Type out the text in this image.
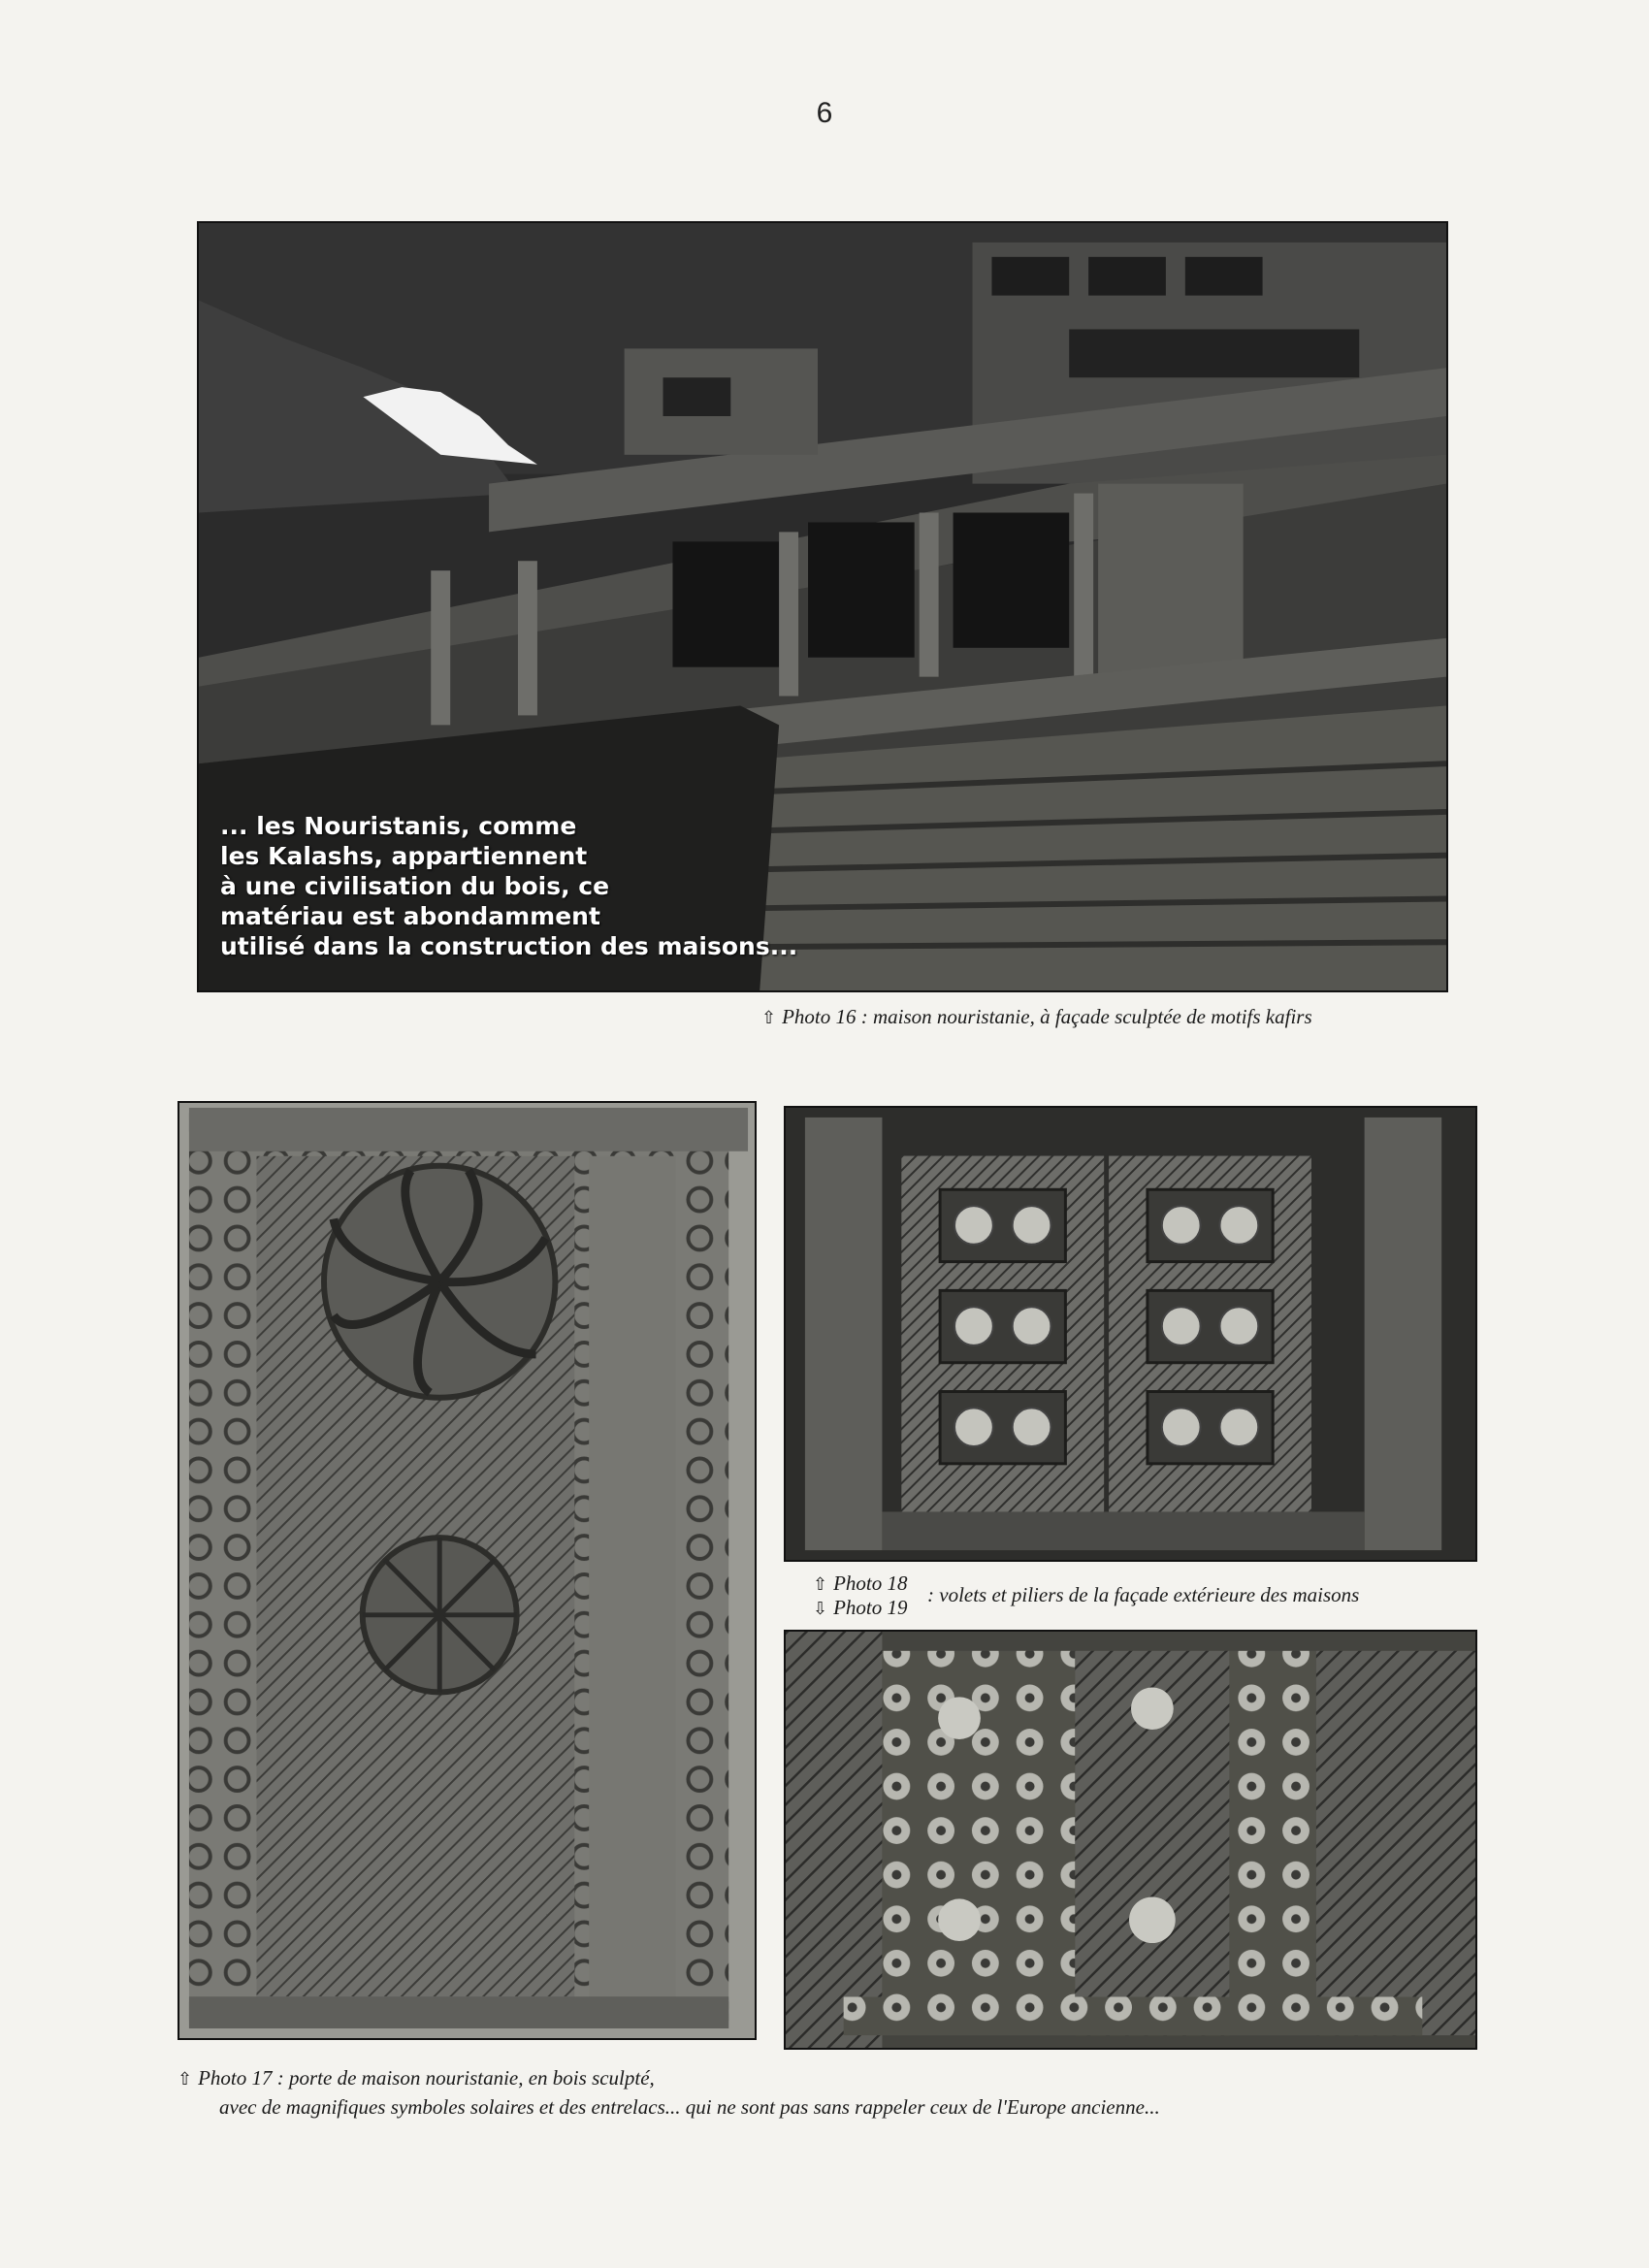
6

... les Nouristanis, comme
les Kalashs, appartiennent
à une civilisation du bois, ce
matériau est abondamment
utilisé dans la construction des maisons...

⇧ Photo 16 : maison nouristanie, à façade sculptée de motifs kafirs
⇧ Photo 18
⇩ Photo 19
: volets et piliers de la façade extérieure des maisons
⇧ Photo 17 : porte de maison nouristanie, en bois sculpté,
avec de magnifiques symboles solaires et des entrelacs... qui ne sont pas sans rappeler ceux de l'Europe ancienne...
